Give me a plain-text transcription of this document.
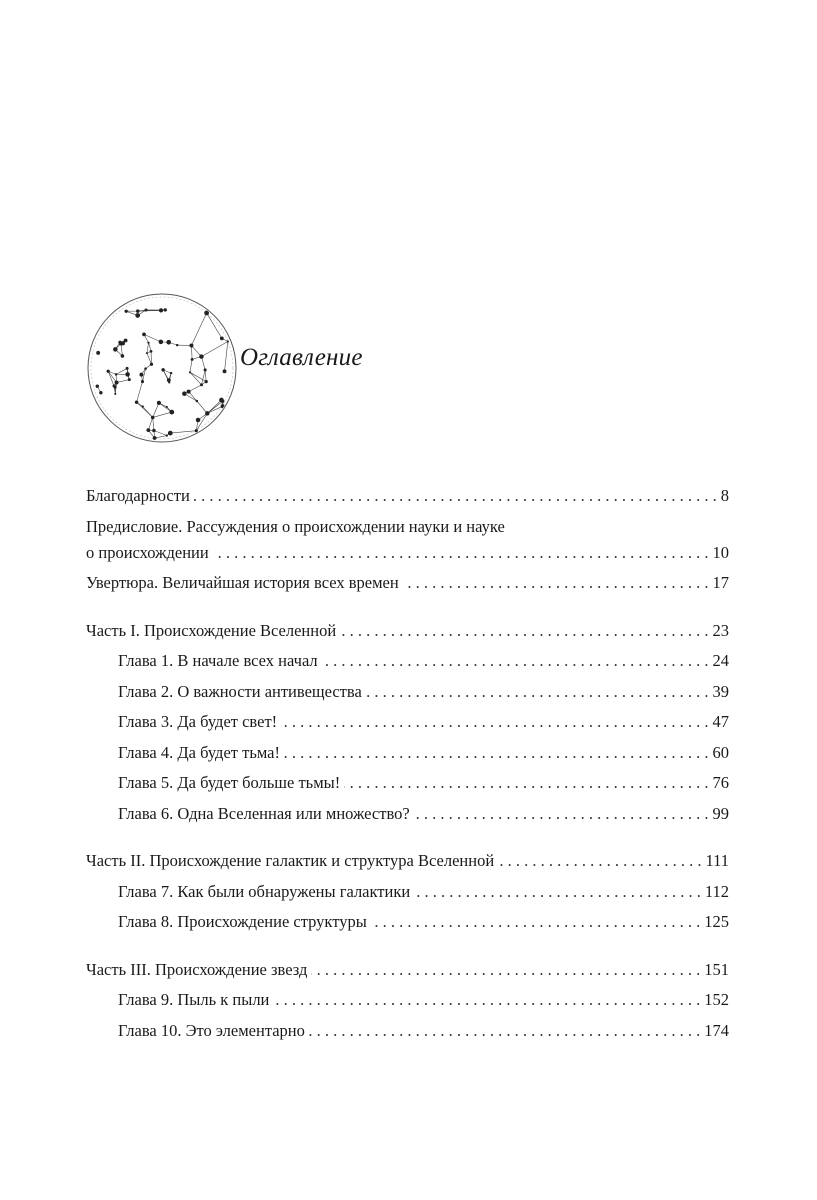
Оглавление
Благодарности . . .	8
Предисловие. Рассуждения о происхождении науки и науке
о происхождении . . .	10
Увертюра. Величайшая история всех времен . . .	17
Часть I. Происхождение Вселенной . . .	23
Глава 1. В начале всех начал . . .	24
Глава 2. О важности антивещества . . .	39
Глава 3. Да будет свет! . . .	47
Глава 4. Да будет тьма! . . .	60
Глава 5. Да будет больше тьмы! . . .	76
Глава 6. Одна Вселенная или множество? . . .	99
Часть II. Происхождение галактик и структура Вселенной . . .	111
Глава 7. Как были обнаружены галактики . . .	112
Глава 8. Происхождение структуры . . .	125
Часть III. Происхождение звезд . . .	151
Глава 9. Пыль к пыли . . .	152
Глава 10. Это элементарно . . .	174
